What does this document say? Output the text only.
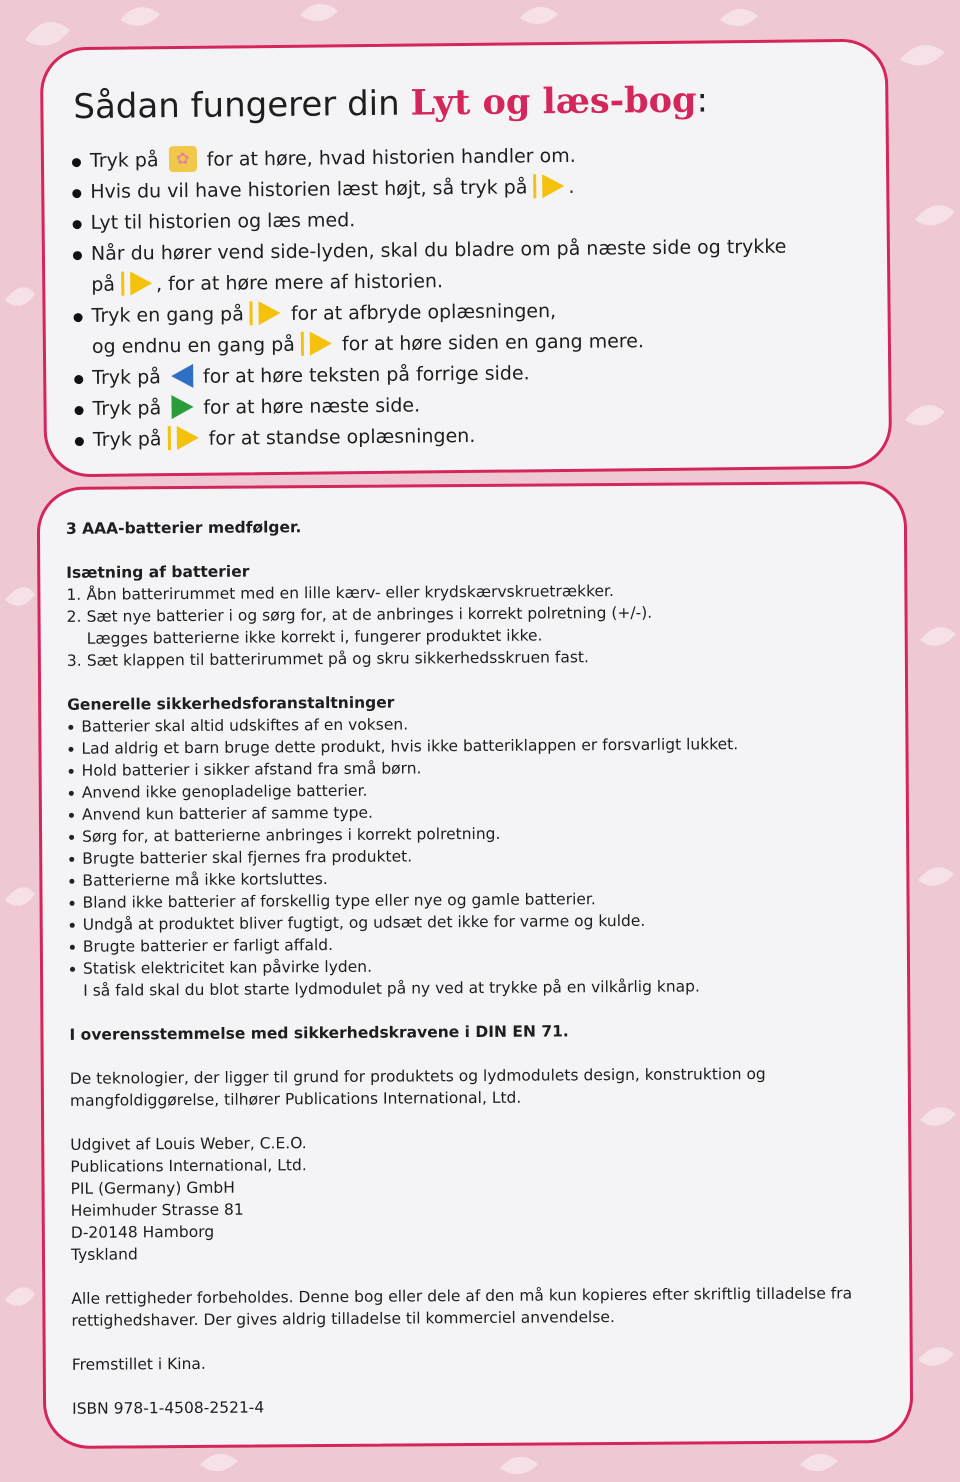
Sådan fungerer din Lyt og læs-bog:
Tryk på ✿ for at høre, hvad historien handler om.
Hvis du vil have historien læst højt, så tryk på .
Lyt til historien og læs med.
Når du hører vend side-lyden, skal du bladre om på næste side og trykke
på , for at høre mere af historien.
Tryk en gang på for at afbryde oplæsningen,
og endnu en gang på for at høre siden en gang mere.
Tryk på for at høre teksten på forrige side.
Tryk på for at høre næste side.
Tryk på for at standse oplæsningen.

3 AAA-batterier medfølger.

Isætning af batterier

1. Åbn batterirummet med en lille kærv- eller krydskærvskruetrækker.
2. Sæt nye batterier i og sørg for, at de anbringes i korrekt polretning (+/-).
Lægges batterierne ikke korrekt i, fungerer produktet ikke.
3. Sæt klappen til batterirummet på og skru sikkerhedsskruen fast.

Generelle sikkerhedsforanstaltninger

Batterier skal altid udskiftes af en voksen.
Lad aldrig et barn bruge dette produkt, hvis ikke batteriklappen er forsvarligt lukket.
Hold batterier i sikker afstand fra små børn.
Anvend ikke genopladelige batterier.
Anvend kun batterier af samme type.
Sørg for, at batterierne anbringes i korrekt polretning.
Brugte batterier skal fjernes fra produktet.
Batterierne må ikke kortsluttes.
Bland ikke batterier af forskellig type eller nye og gamle batterier.
Undgå at produktet bliver fugtigt, og udsæt det ikke for varme og kulde.
Brugte batterier er farligt affald.
Statisk elektricitet kan påvirke lyden.

I så fald skal du blot starte lydmodulet på ny ved at trykke på en vilkårlig knap.

I overensstemmelse med sikkerhedskravene i DIN EN 71.

De teknologier, der ligger til grund for produktets og lydmodulets design, konstruktion og

mangfoldiggørelse, tilhører Publications International, Ltd.

Udgivet af Louis Weber, C.E.O.

Publications International, Ltd.

PIL (Germany) GmbH

Heimhuder Strasse 81

D-20148 Hamborg

Tyskland

Alle rettigheder forbeholdes. Denne bog eller dele af den må kun kopieres efter skriftlig tilladelse fra

rettighedshaver. Der gives aldrig tilladelse til kommerciel anvendelse.

Fremstillet i Kina.

ISBN 978-1-4508-2521-4
